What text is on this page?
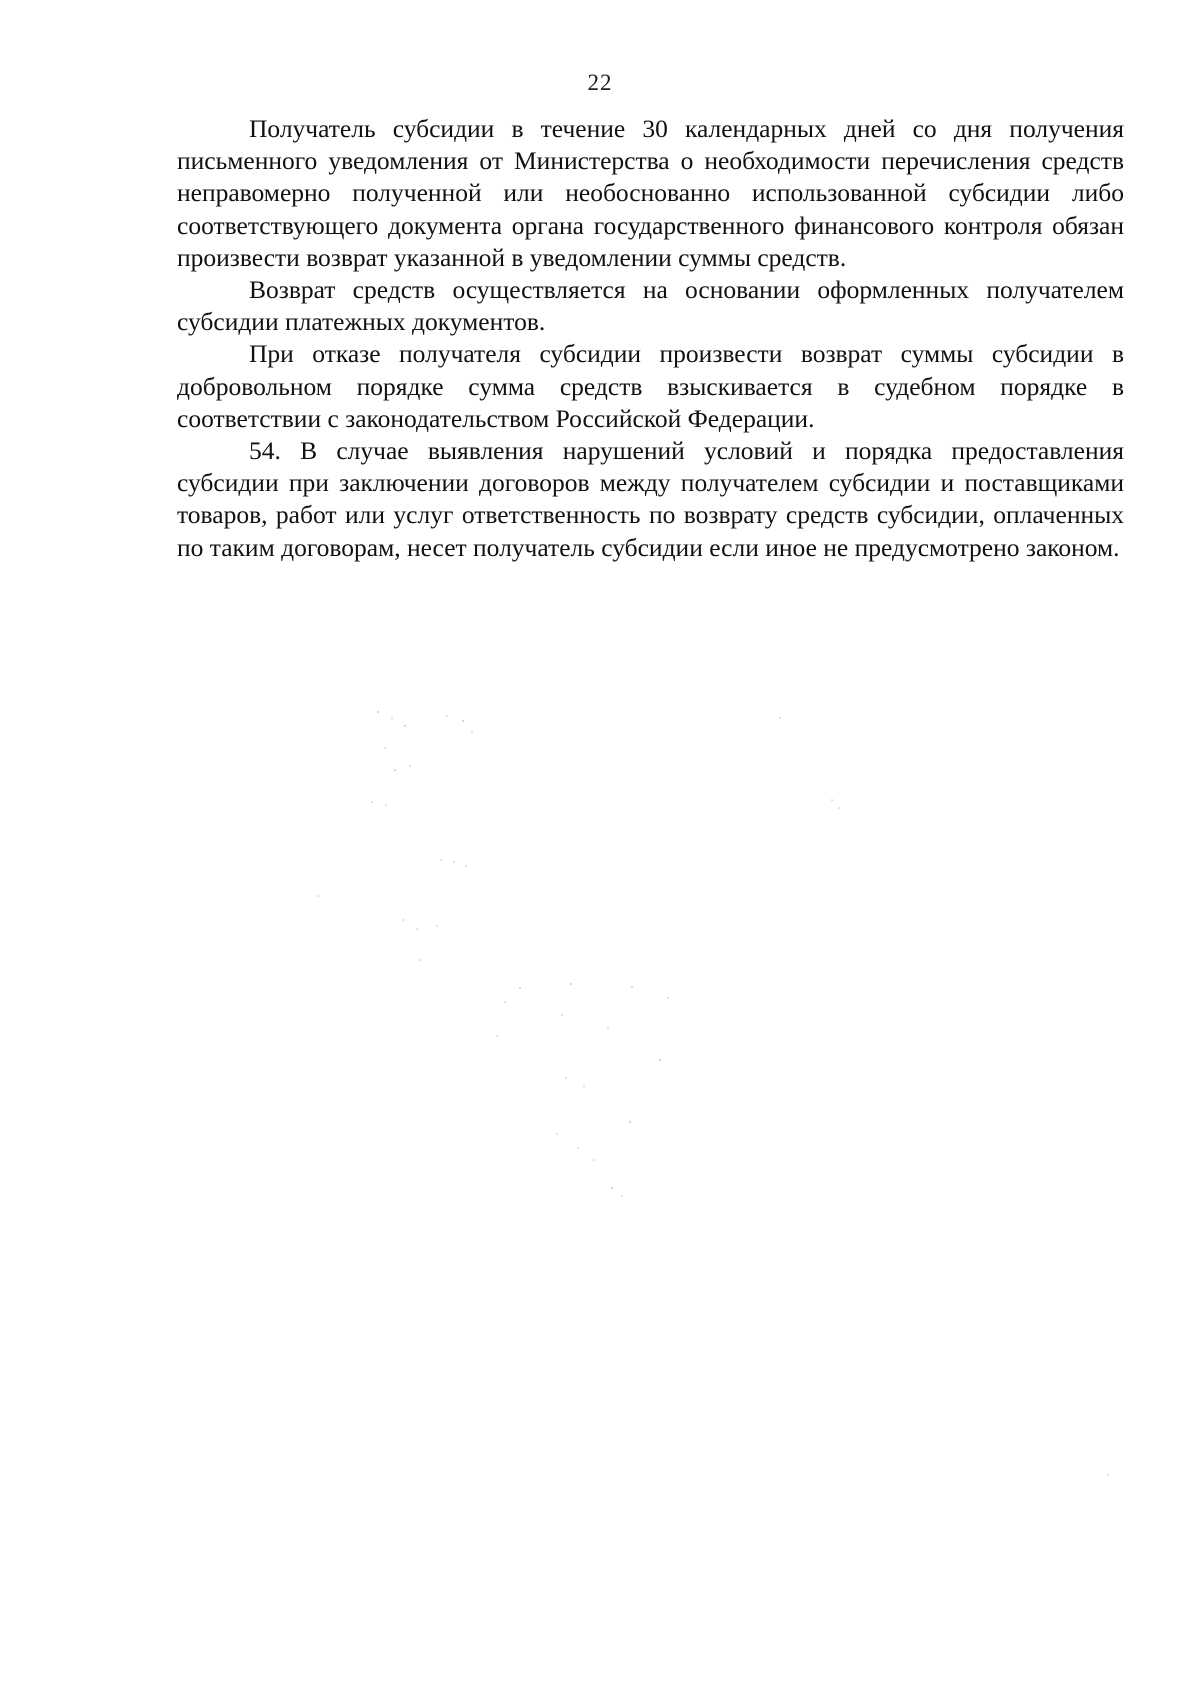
22

Получатель субсидии в течение 30 календарных дней со дня получения письменного уведомления от Министерства о необходимости перечисления средств неправомерно полученной или необоснованно использованной субсидии либо соответствующего документа органа государственного финансового контроля обязан произвести возврат указанной в уведомлении суммы средств.

Возврат средств осуществляется на основании оформленных получателем субсидии платежных документов.

При отказе получателя субсидии произвести возврат суммы субсидии в добровольном порядке сумма средств взыскивается в судебном порядке в соответствии с законодательством Российской Федерации.

54. В случае выявления нарушений условий и порядка предоставления субсидии при заключении договоров между получателем субсидии и поставщиками товаров, работ или услуг ответственность по возврату средств субсидии, оплаченных по таким договорам, несет получатель субсидии если иное не предусмотрено законом.
